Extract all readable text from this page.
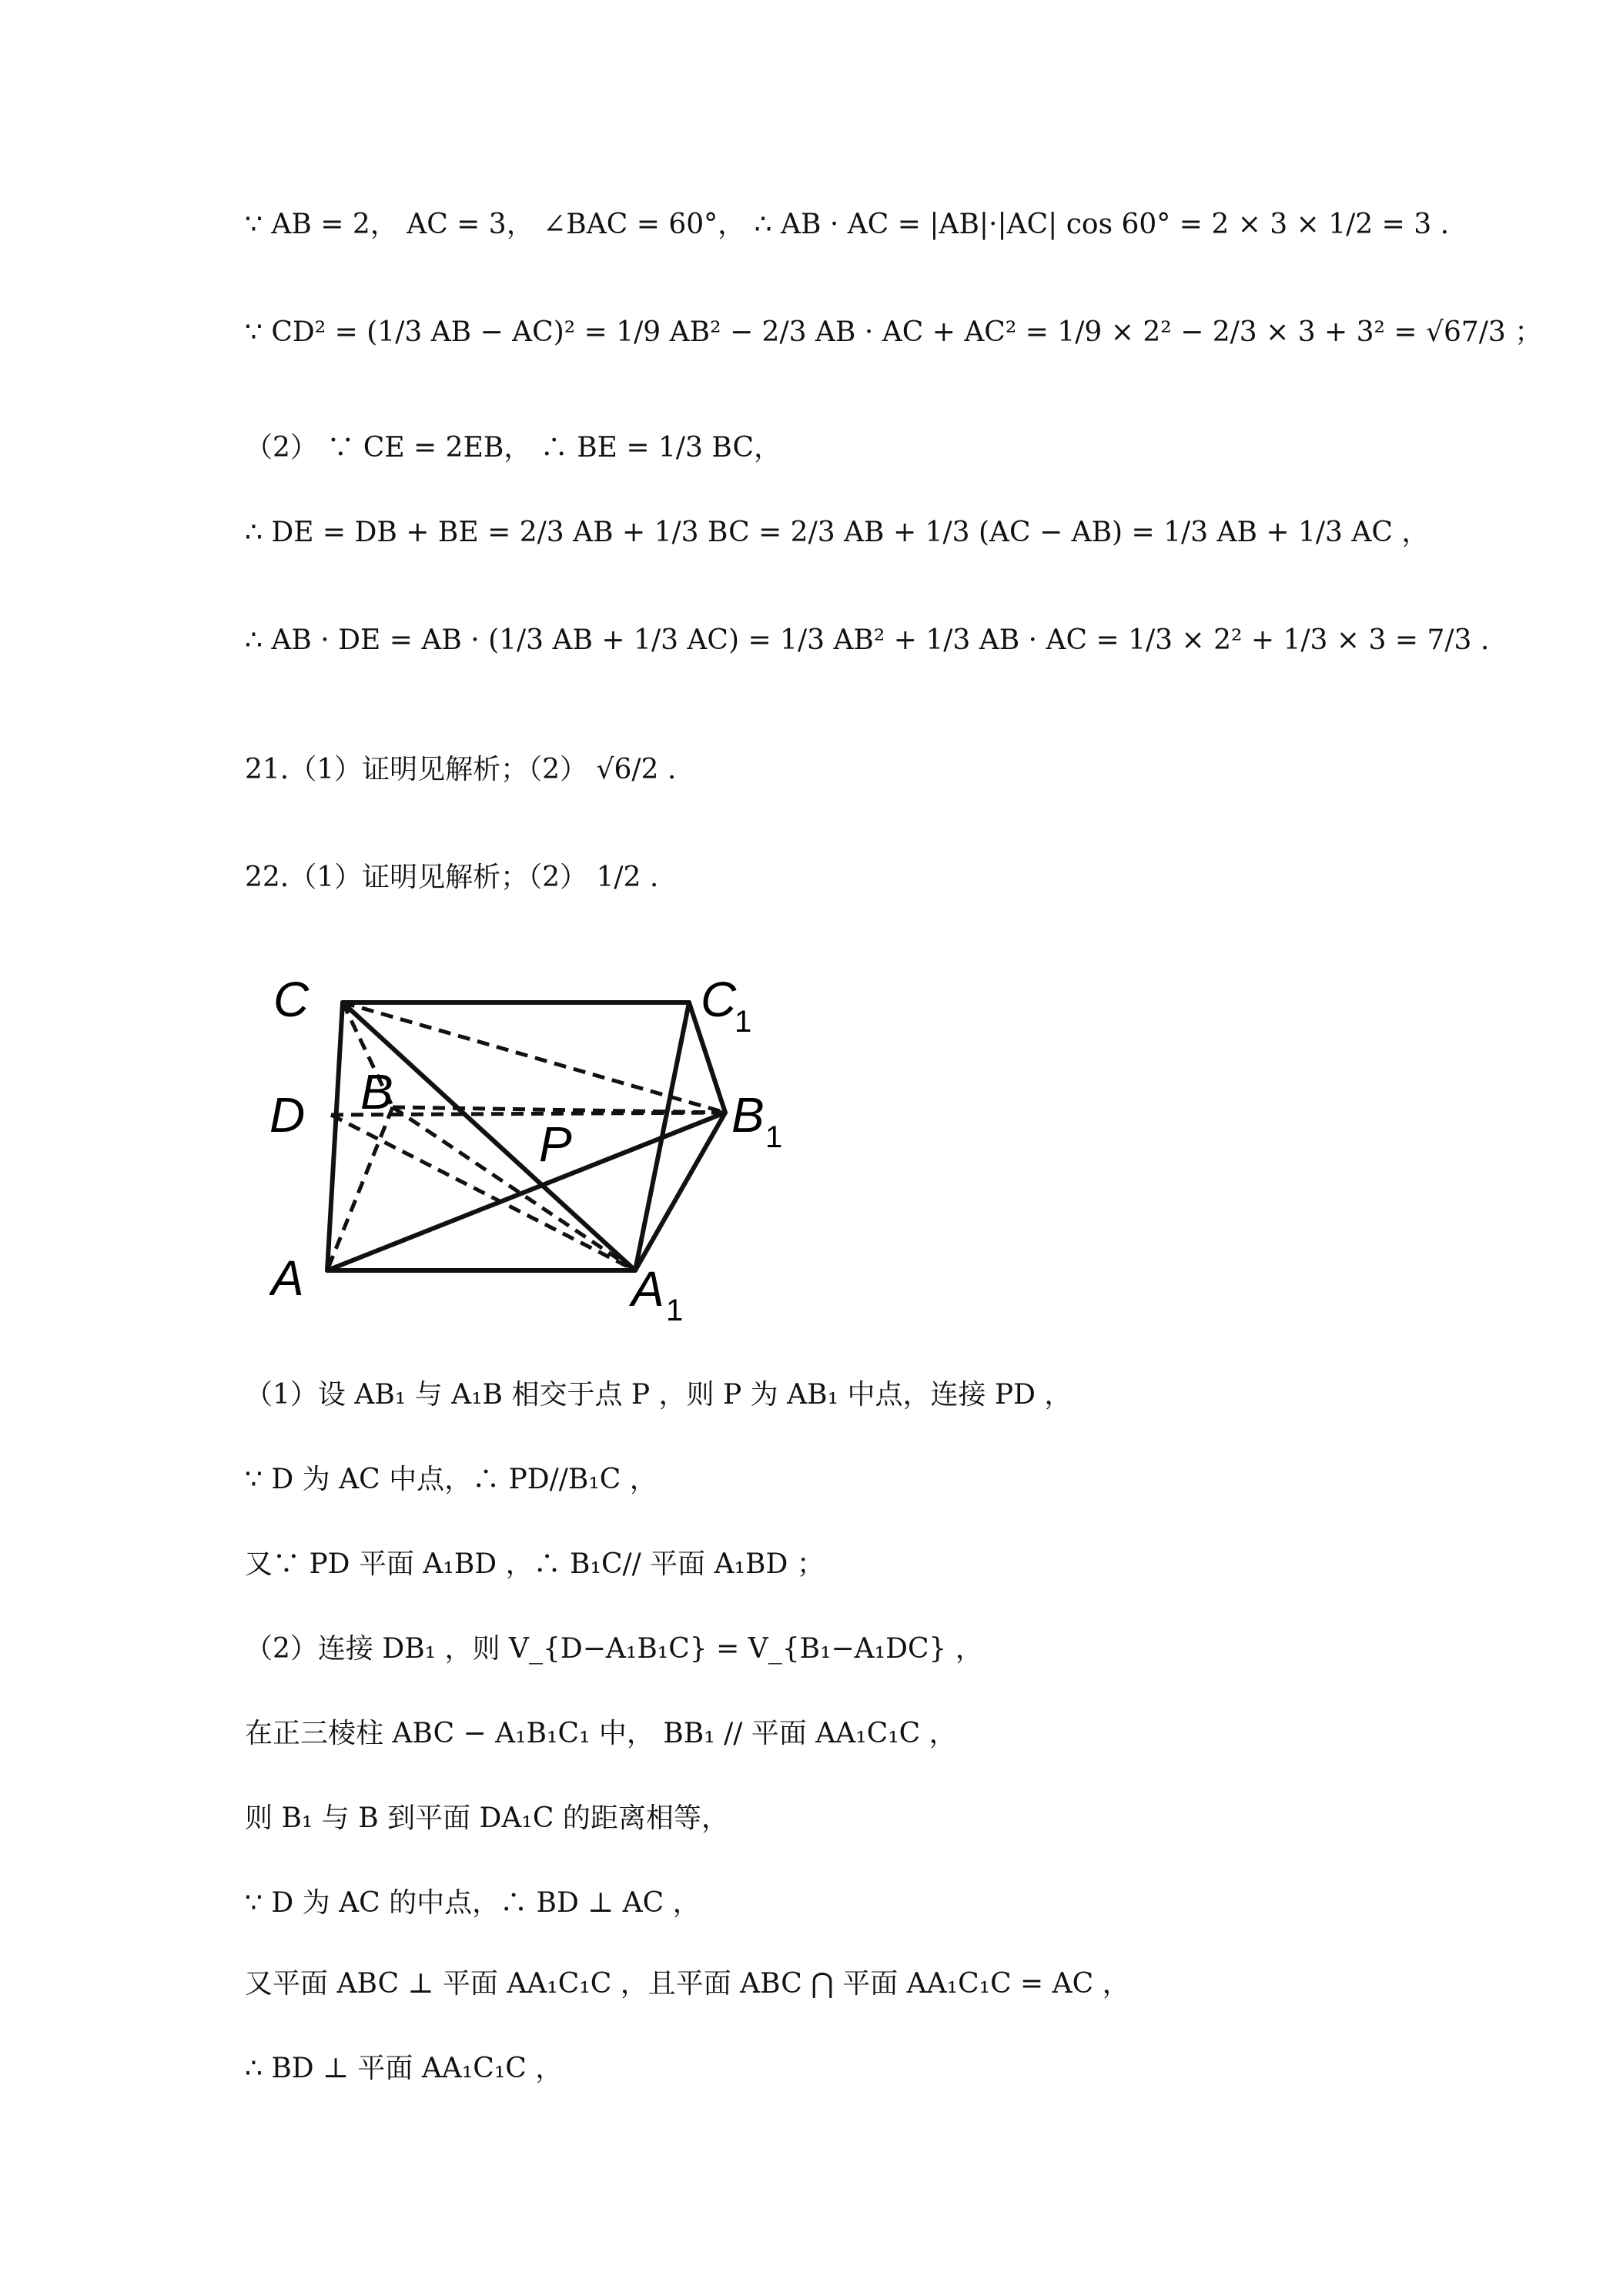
∵ AB = 2， AC = 3， ∠BAC = 60°， ∴ AB · AC = |AB|·|AC| cos 60° = 2 × 3 × 1/2 = 3 .
∵ CD² = (1/3 AB − AC)² = 1/9 AB² − 2/3 AB · AC + AC² = 1/9 × 2² − 2/3 × 3 + 3² = √67/3 ；
（2） ∵ CE = 2EB， ∴ BE = 1/3 BC，
∴ DE = DB + BE = 2/3 AB + 1/3 BC = 2/3 AB + 1/3 (AC − AB) = 1/3 AB + 1/3 AC ，
∴ AB · DE = AB · (1/3 AB + 1/3 AC) = 1/3 AB² + 1/3 AB · AC = 1/3 × 2² + 1/3 × 3 = 7/3 .
21.（1）证明见解析；（2） √6/2 .
22.（1）证明见解析；（2） 1/2 .
C	C
1
D B
P
B 1
A	A 1
（1）设 AB₁ 与 A₁B 相交于点 P ，则 P 为 AB₁ 中点，连接 PD ，
∵ D 为 AC 中点，∴ PD//B₁C ，
又∵ PD 平面 A₁BD ，∴ B₁C// 平面 A₁BD ；
（2）连接 DB₁ ，则 V_{D−A₁B₁C} = V_{B₁−A₁DC} ，
在正三棱柱 ABC − A₁B₁C₁ 中， BB₁ // 平面 AA₁C₁C ，
则 B₁ 与 B 到平面 DA₁C 的距离相等，
∵ D 为 AC 的中点，∴ BD ⊥ AC ，
又平面 ABC ⊥ 平面 AA₁C₁C ，且平面 ABC ⋂ 平面 AA₁C₁C = AC ，
∴ BD ⊥ 平面 AA₁C₁C ，
